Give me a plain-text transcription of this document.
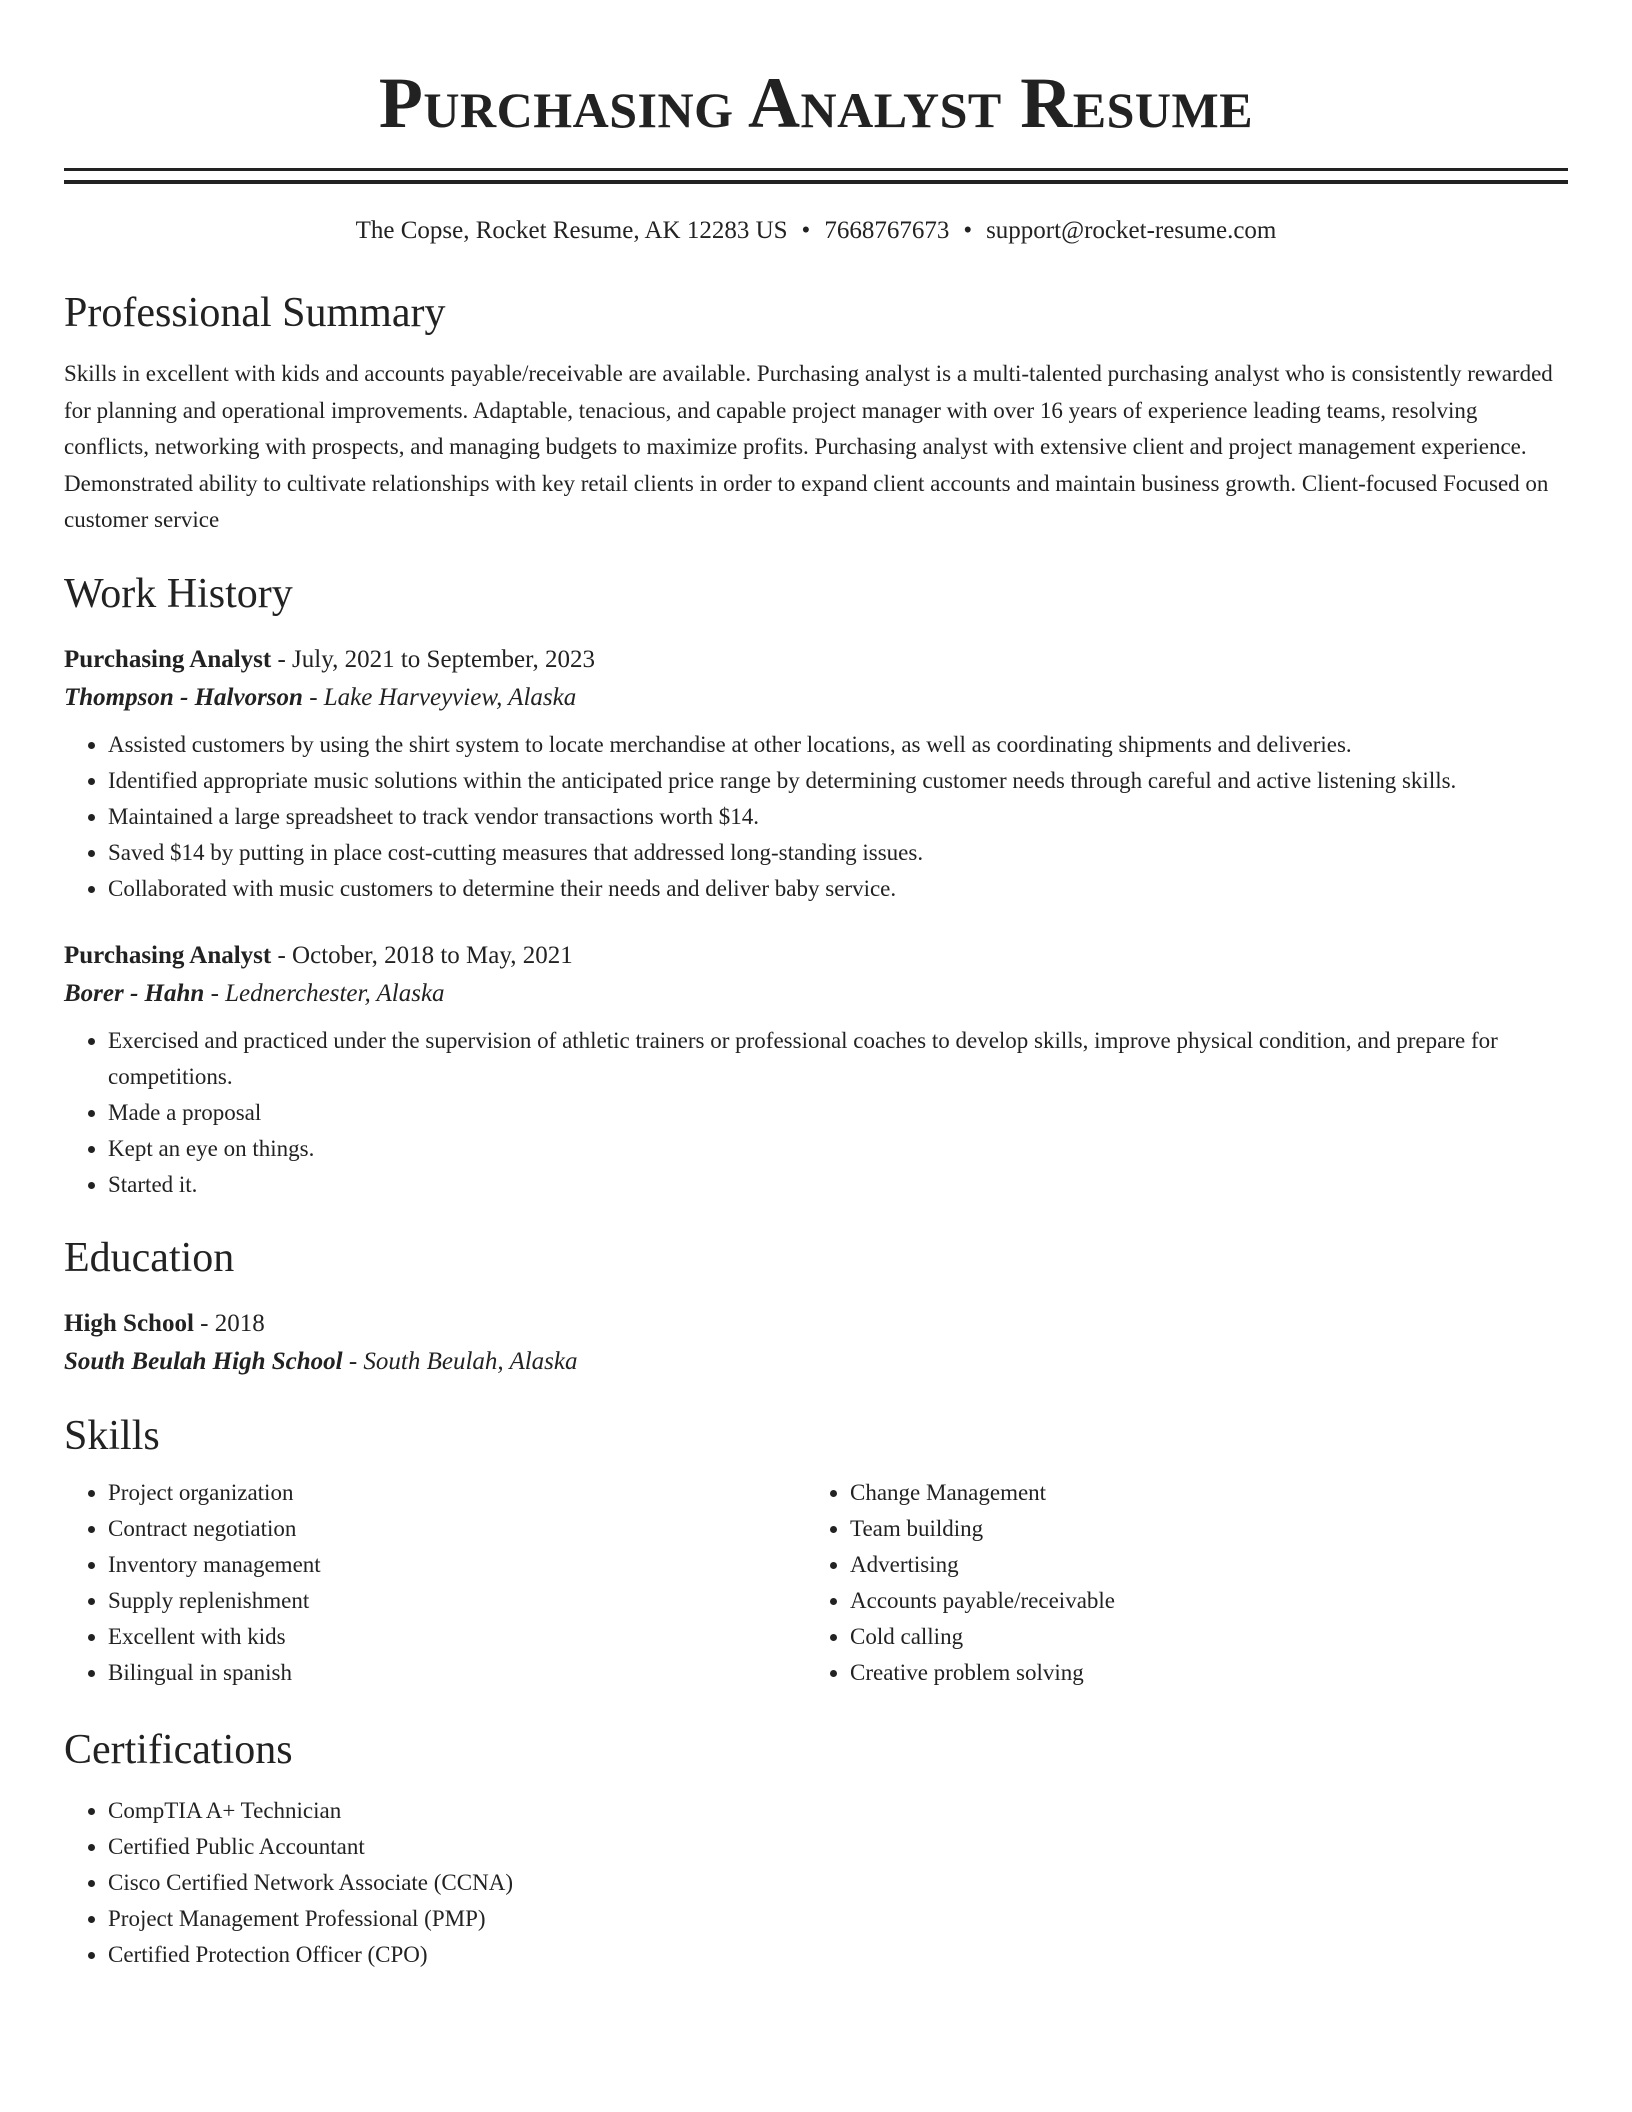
Purchasing Analyst Resume
The Copse, Rocket Resume, AK 12283 US • 7668767673 • support@rocket-resume.com
Professional Summary

Skills in excellent with kids and accounts payable/receivable are available. Purchasing analyst is a multi-talented purchasing analyst who is consistently rewarded for planning and operational improvements. Adaptable, tenacious, and capable project manager with over 16 years of experience leading teams, resolving conflicts, networking with prospects, and managing budgets to maximize profits. Purchasing analyst with extensive client and project management experience. Demonstrated ability to cultivate relationships with key retail clients in order to expand client accounts and maintain business growth. Client-focused Focused on customer service

Work History
Purchasing Analyst - July, 2021 to September, 2023
Thompson - Halvorson - Lake Harveyview, Alaska
• Assisted customers by using the shirt system to locate merchandise at other locations, as well as coordinating shipments and deliveries.
• Identified appropriate music solutions within the anticipated price range by determining customer needs through careful and active listening skills.
• Maintained a large spreadsheet to track vendor transactions worth $14.
• Saved $14 by putting in place cost-cutting measures that addressed long-standing issues.
• Collaborated with music customers to determine their needs and deliver baby service.
Purchasing Analyst - October, 2018 to May, 2021
Borer - Hahn - Lednerchester, Alaska
• Exercised and practiced under the supervision of athletic trainers or professional coaches to develop skills, improve physical condition, and prepare for competitions.
• Made a proposal
• Kept an eye on things.
• Started it.
Education
High School - 2018
South Beulah High School - South Beulah, Alaska
Skills
• Project organization
• Contract negotiation
• Inventory management
• Supply replenishment
• Excellent with kids
• Bilingual in spanish
• Change Management
• Team building
• Advertising
• Accounts payable/receivable
• Cold calling
• Creative problem solving
Certifications
• CompTIA A+ Technician
• Certified Public Accountant
• Cisco Certified Network Associate (CCNA)
• Project Management Professional (PMP)
• Certified Protection Officer (CPO)
